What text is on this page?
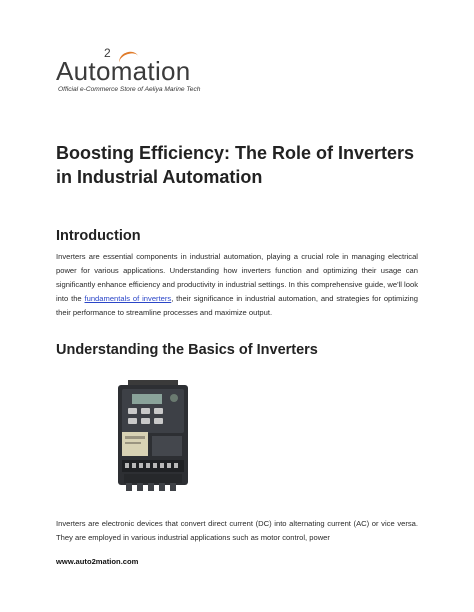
Auto
2
mation
Official e-Commerce Store of Aeliya Marine Tech
Boosting Efficiency: The Role of Inverters in Industrial Automation
Introduction

Inverters are essential components in industrial automation, playing a crucial role in managing electrical power for various applications. Understanding how inverters function and optimizing their usage can significantly enhance efficiency and productivity in industrial settings. In this comprehensive guide, we'll look into the fundamentals of inverters, their significance in industrial automation, and strategies for optimizing their performance to streamline processes and maximize output.

Understanding the Basics of Inverters

Inverters are electronic devices that convert direct current (DC) into alternating current (AC) or vice versa. They are employed in various industrial applications such as motor control, power

www.auto2mation.com
